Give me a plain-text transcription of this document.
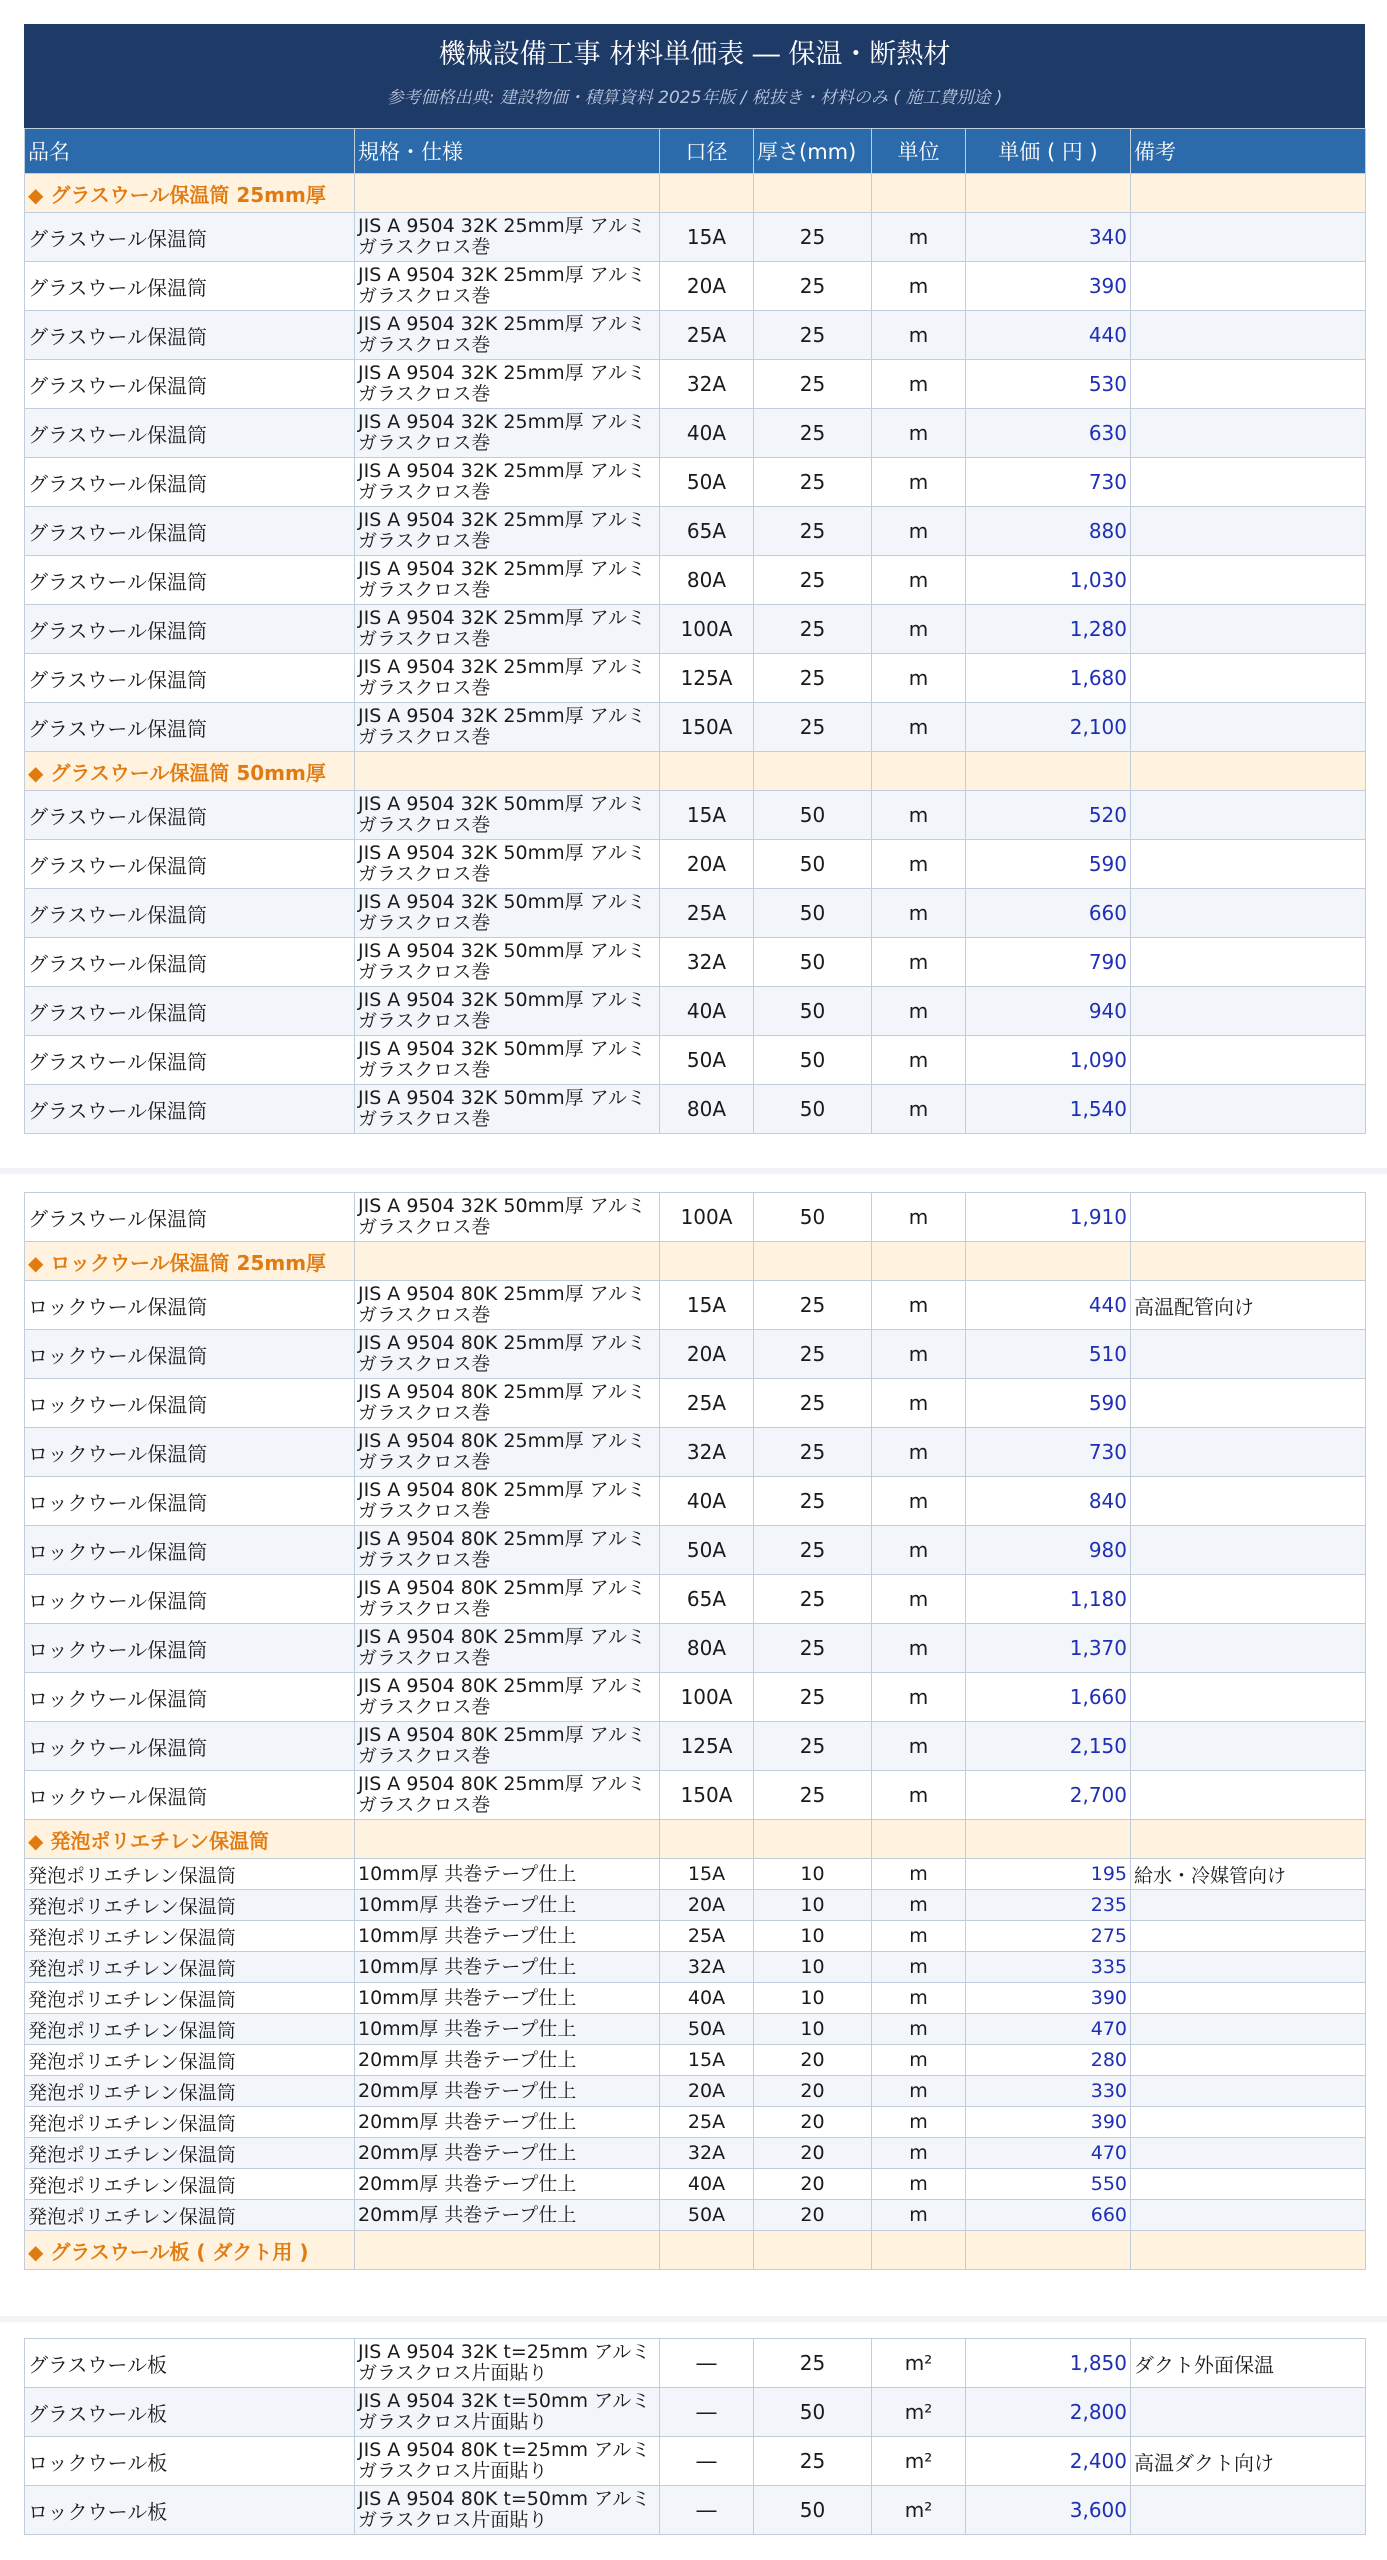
機械設備工事 材料単価表 ― 保温・断熱材
参考価格出典: 建設物価・積算資料 2025年版 / 税抜き・材料のみ ( 施工費別途 )
品名	規格・仕様	口径	厚さ(mm)	単位	単価 ( 円 )	備考
◆ グラスウール保温筒 25mm厚						
グラスウール保温筒	JIS A 9504 32K 25mm厚 アルミガラスクロス巻	15A	25	m	340	
グラスウール保温筒	JIS A 9504 32K 25mm厚 アルミガラスクロス巻	20A	25	m	390	
グラスウール保温筒	JIS A 9504 32K 25mm厚 アルミガラスクロス巻	25A	25	m	440	
グラスウール保温筒	JIS A 9504 32K 25mm厚 アルミガラスクロス巻	32A	25	m	530	
グラスウール保温筒	JIS A 9504 32K 25mm厚 アルミガラスクロス巻	40A	25	m	630	
グラスウール保温筒	JIS A 9504 32K 25mm厚 アルミガラスクロス巻	50A	25	m	730	
グラスウール保温筒	JIS A 9504 32K 25mm厚 アルミガラスクロス巻	65A	25	m	880	
グラスウール保温筒	JIS A 9504 32K 25mm厚 アルミガラスクロス巻	80A	25	m	1,030	
グラスウール保温筒	JIS A 9504 32K 25mm厚 アルミガラスクロス巻	100A	25	m	1,280	
グラスウール保温筒	JIS A 9504 32K 25mm厚 アルミガラスクロス巻	125A	25	m	1,680	
グラスウール保温筒	JIS A 9504 32K 25mm厚 アルミガラスクロス巻	150A	25	m	2,100	
◆ グラスウール保温筒 50mm厚						
グラスウール保温筒	JIS A 9504 32K 50mm厚 アルミガラスクロス巻	15A	50	m	520	
グラスウール保温筒	JIS A 9504 32K 50mm厚 アルミガラスクロス巻	20A	50	m	590	
グラスウール保温筒	JIS A 9504 32K 50mm厚 アルミガラスクロス巻	25A	50	m	660	
グラスウール保温筒	JIS A 9504 32K 50mm厚 アルミガラスクロス巻	32A	50	m	790	
グラスウール保温筒	JIS A 9504 32K 50mm厚 アルミガラスクロス巻	40A	50	m	940	
グラスウール保温筒	JIS A 9504 32K 50mm厚 アルミガラスクロス巻	50A	50	m	1,090	
グラスウール保温筒	JIS A 9504 32K 50mm厚 アルミガラスクロス巻	80A	50	m	1,540	
グラスウール保温筒	JIS A 9504 32K 50mm厚 アルミガラスクロス巻	100A	50	m	1,910	
◆ ロックウール保温筒 25mm厚						
ロックウール保温筒	JIS A 9504 80K 25mm厚 アルミガラスクロス巻	15A	25	m	440	高温配管向け
ロックウール保温筒	JIS A 9504 80K 25mm厚 アルミガラスクロス巻	20A	25	m	510	
ロックウール保温筒	JIS A 9504 80K 25mm厚 アルミガラスクロス巻	25A	25	m	590	
ロックウール保温筒	JIS A 9504 80K 25mm厚 アルミガラスクロス巻	32A	25	m	730	
ロックウール保温筒	JIS A 9504 80K 25mm厚 アルミガラスクロス巻	40A	25	m	840	
ロックウール保温筒	JIS A 9504 80K 25mm厚 アルミガラスクロス巻	50A	25	m	980	
ロックウール保温筒	JIS A 9504 80K 25mm厚 アルミガラスクロス巻	65A	25	m	1,180	
ロックウール保温筒	JIS A 9504 80K 25mm厚 アルミガラスクロス巻	80A	25	m	1,370	
ロックウール保温筒	JIS A 9504 80K 25mm厚 アルミガラスクロス巻	100A	25	m	1,660	
ロックウール保温筒	JIS A 9504 80K 25mm厚 アルミガラスクロス巻	125A	25	m	2,150	
ロックウール保温筒	JIS A 9504 80K 25mm厚 アルミガラスクロス巻	150A	25	m	2,700	
◆ 発泡ポリエチレン保温筒						
発泡ポリエチレン保温筒	10mm厚 共巻テープ仕上	15A	10	m	195	給水・冷媒管向け
発泡ポリエチレン保温筒	10mm厚 共巻テープ仕上	20A	10	m	235	
発泡ポリエチレン保温筒	10mm厚 共巻テープ仕上	25A	10	m	275	
発泡ポリエチレン保温筒	10mm厚 共巻テープ仕上	32A	10	m	335	
発泡ポリエチレン保温筒	10mm厚 共巻テープ仕上	40A	10	m	390	
発泡ポリエチレン保温筒	10mm厚 共巻テープ仕上	50A	10	m	470	
発泡ポリエチレン保温筒	20mm厚 共巻テープ仕上	15A	20	m	280	
発泡ポリエチレン保温筒	20mm厚 共巻テープ仕上	20A	20	m	330	
発泡ポリエチレン保温筒	20mm厚 共巻テープ仕上	25A	20	m	390	
発泡ポリエチレン保温筒	20mm厚 共巻テープ仕上	32A	20	m	470	
発泡ポリエチレン保温筒	20mm厚 共巻テープ仕上	40A	20	m	550	
発泡ポリエチレン保温筒	20mm厚 共巻テープ仕上	50A	20	m	660	
◆ グラスウール板 ( ダクト用 )						
グラスウール板	JIS A 9504 32K t=25mm アルミガラスクロス片面貼り	―	25	m²	1,850	ダクト外面保温
グラスウール板	JIS A 9504 32K t=50mm アルミガラスクロス片面貼り	―	50	m²	2,800	
ロックウール板	JIS A 9504 80K t=25mm アルミガラスクロス片面貼り	―	25	m²	2,400	高温ダクト向け
ロックウール板	JIS A 9504 80K t=50mm アルミガラスクロス片面貼り	―	50	m²	3,600	
